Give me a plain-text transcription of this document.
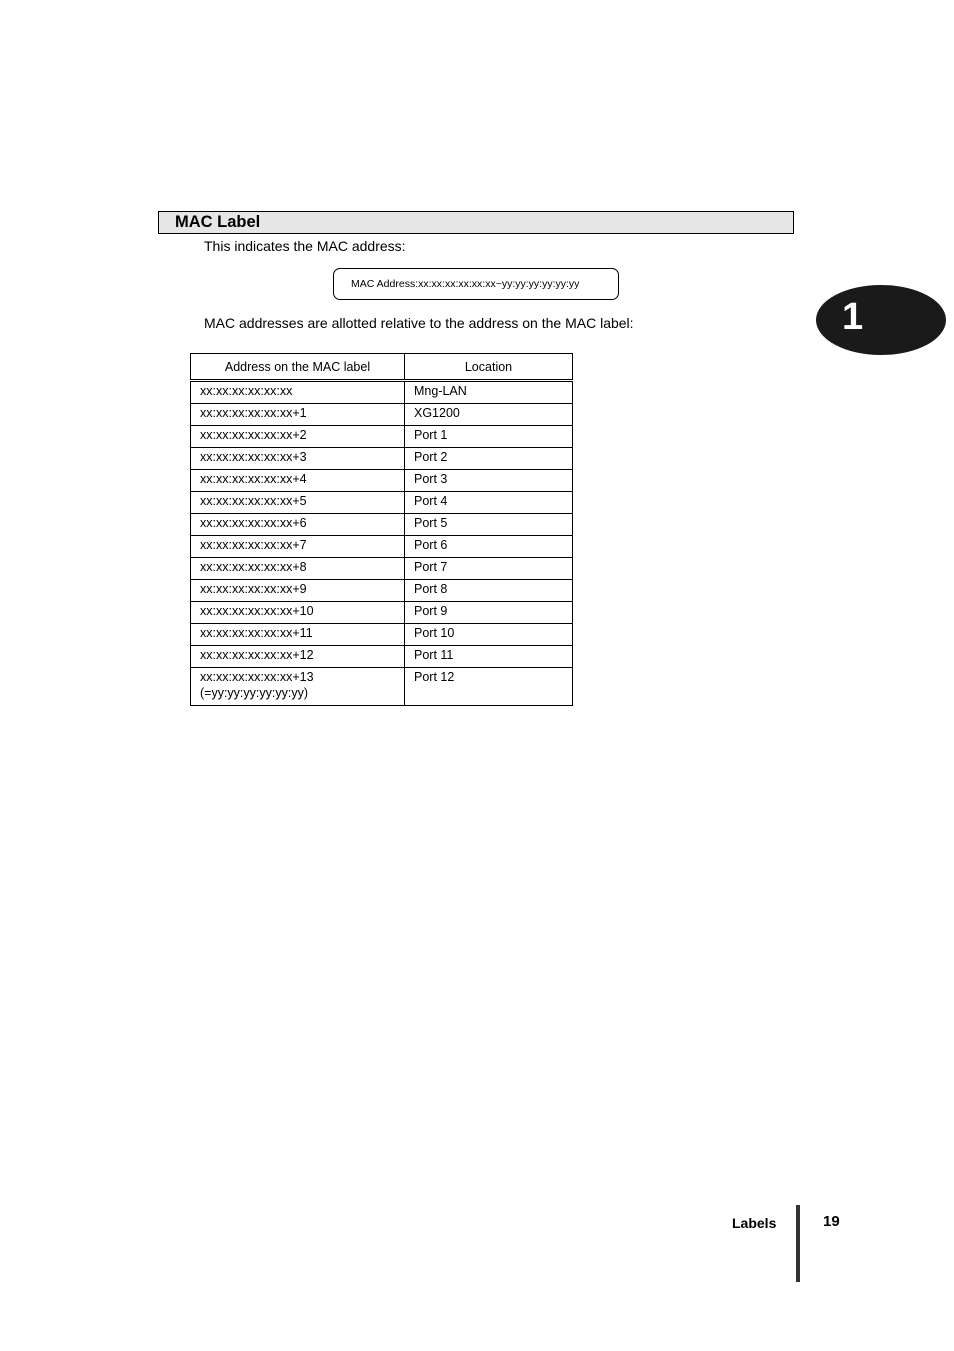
MAC Label
This indicates the MAC address:
MAC Address:xx:xx:xx:xx:xx:xx~yy:yy:yy:yy:yy:yy
MAC addresses are allotted relative to the address on the MAC label:	1
Address on the MAC label	Location
xx:xx:xx:xx:xx:xx	Mng-LAN
xx:xx:xx:xx:xx:xx+1	XG1200
xx:xx:xx:xx:xx:xx+2	Port 1
xx:xx:xx:xx:xx:xx+3	Port 2
xx:xx:xx:xx:xx:xx+4	Port 3
xx:xx:xx:xx:xx:xx+5	Port 4
xx:xx:xx:xx:xx:xx+6	Port 5
xx:xx:xx:xx:xx:xx+7	Port 6
xx:xx:xx:xx:xx:xx+8	Port 7
xx:xx:xx:xx:xx:xx+9	Port 8
xx:xx:xx:xx:xx:xx+10	Port 9
xx:xx:xx:xx:xx:xx+11	Port 10
xx:xx:xx:xx:xx:xx+12	Port 11

xx:xx:xx:xx:xx:xx+13
(=yy:yy:yy:yy:yy:yy)	Port 12
Labels	19
